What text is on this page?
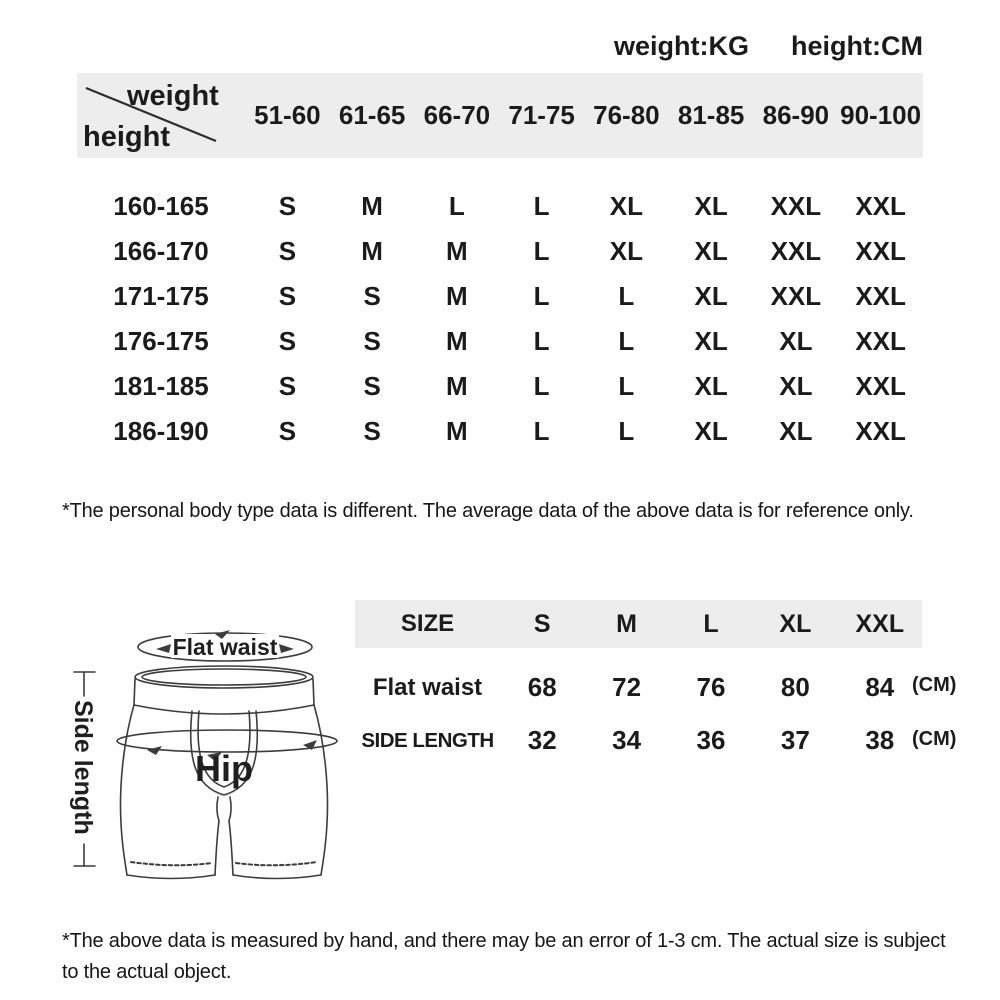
weight:KG height:CM
weight
height
51-60 61-65 66-70 71-75 76-80 81-85 86-90 90-100
160-165	S	M	L	L	XL	XL	XXL	XXL
166-170	S	M	M	L	XL	XL	XXL	XXL
171-175	S	S	M	L	L	XL	XXL	XXL
176-175	S	S	M	L	L	XL	XL	XXL
181-185	S	S	M	L	L	XL	XL	XXL
186-190	S	S	M	L	L	XL	XL	XXL
*The personal body type data is different. The average data of the above data is for reference only.
Flat waist
Hip
Side length
SIZE	S	M	L	XL	XXL
Flat waist	68	72	76	80	84
SIDE LENGTH	32	34	36	37	38
(CM)
(CM)
*The above data is measured by hand, and there may be an error of 1-3 cm. The actual size is subject to the actual object.
